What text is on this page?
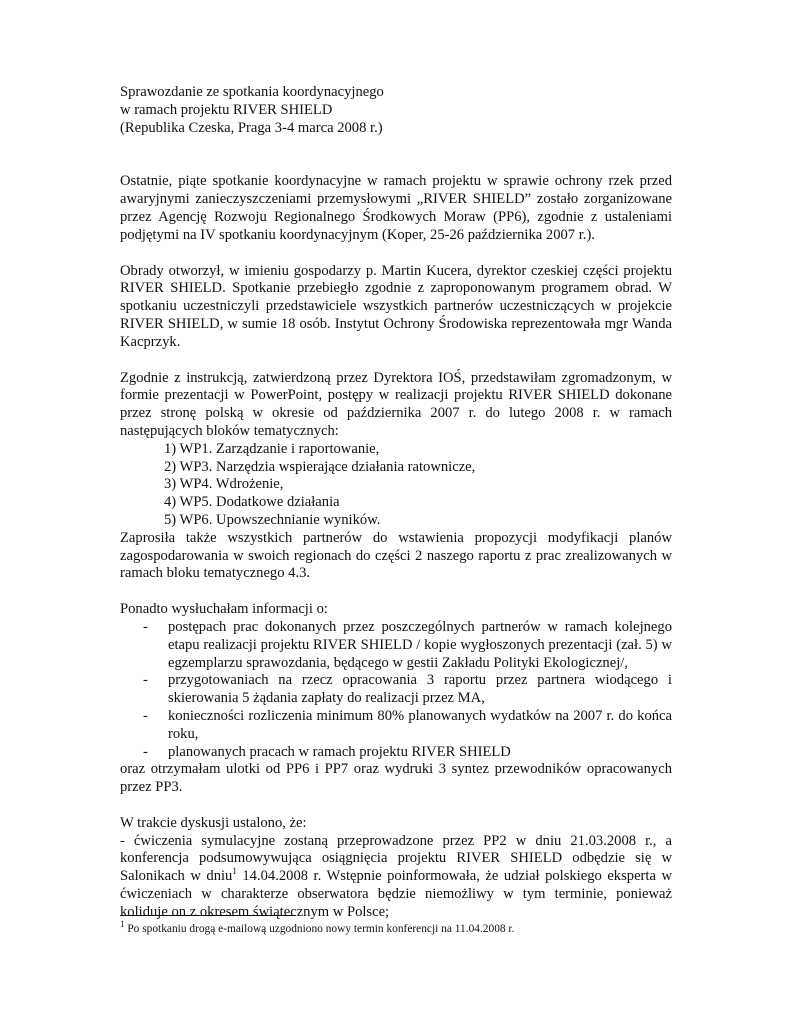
Sprawozdanie ze spotkania koordynacyjnego

w ramach projektu RIVER SHIELD

(Republika Czeska, Praga 3-4 marca 2008 r.)

Ostatnie, piąte spotkanie koordynacyjne w ramach projektu w sprawie ochrony rzek przed awaryjnymi zanieczyszczeniami przemysłowymi „RIVER SHIELD” zostało zorganizowane przez Agencję Rozwoju Regionalnego Środkowych Moraw (PP6), zgodnie z ustaleniami podjętymi na IV spotkaniu koordynacyjnym (Koper, 25-26 października 2007 r.).

Obrady otworzył, w imieniu gospodarzy p. Martin Kucera, dyrektor czeskiej części projektu RIVER SHIELD. Spotkanie przebiegło zgodnie z zaproponowanym programem obrad. W spotkaniu uczestniczyli przedstawiciele wszystkich partnerów uczestniczących w projekcie RIVER SHIELD, w sumie 18 osób. Instytut Ochrony Środowiska reprezentowała mgr Wanda Kacprzyk.

Zgodnie z instrukcją, zatwierdzoną przez Dyrektora IOŚ, przedstawiłam zgromadzonym, w formie prezentacji w PowerPoint, postępy w realizacji projektu RIVER SHIELD dokonane przez stronę polską w okresie od października 2007 r. do lutego 2008 r. w ramach następujących bloków tematycznych:

1) WP1. Zarządzanie i raportowanie,
2) WP3. Narzędzia wspierające działania ratownicze,
3) WP4. Wdrożenie,
4) WP5. Dodatkowe działania
5) WP6. Upowszechnianie wyników.

Zaprosiła także wszystkich partnerów do wstawienia propozycji modyfikacji planów zagospodarowania w swoich regionach do części 2 naszego raportu z prac zrealizowanych w ramach bloku tematycznego 4.3.

Ponadto wysłuchałam informacji o:

- postępach prac dokonanych przez poszczególnych partnerów w ramach kolejnego etapu realizacji projektu RIVER SHIELD / kopie wygłoszonych prezentacji (zał. 5) w egzemplarzu sprawozdania, będącego w gestii Zakładu Polityki Ekologicznej/,
- przygotowaniach na rzecz opracowania 3 raportu przez partnera wiodącego i skierowania 5 żądania zapłaty do realizacji przez MA,
- konieczności rozliczenia minimum 80% planowanych wydatków na 2007 r. do końca roku,
- planowanych pracach w ramach projektu RIVER SHIELD

oraz otrzymałam ulotki od PP6 i PP7 oraz wydruki 3 syntez przewodników opracowanych przez PP3.

W trakcie dyskusji ustalono, że:

- ćwiczenia symulacyjne zostaną przeprowadzone przez PP2 w dniu 21.03.2008 r., a konferencja podsumowywująca osiągnięcia projektu RIVER SHIELD odbędzie się w Salonikach w dniu$^1$ 14.04.2008 r. Wstępnie poinformowała, że udział polskiego eksperta w ćwiczeniach w charakterze obserwatora będzie niemożliwy w tym terminie, ponieważ koliduje on z okresem świątecznym w Polsce;

$^1$ Po spotkaniu drogą e-mailową uzgodniono nowy termin konferencji na 11.04.2008 r.
